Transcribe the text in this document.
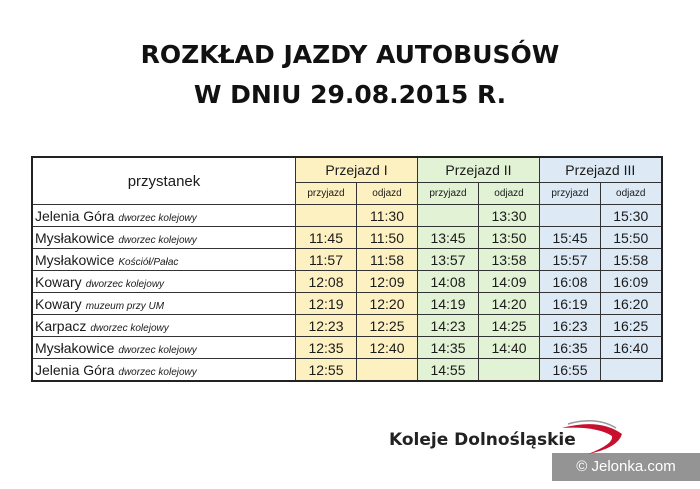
ROZKŁAD JAZDY AUTOBUSÓW
W DNIU 29.08.2015 R.
przystanek	Przejazd I		Przejazd II		Przejazd III	
	przyjazd	odjazd	przyjazd	odjazd	przyjazd	odjazd
Jelenia Góra dworzec kolejowy		11:30		13:30		15:30
Mysłakowice dworzec kolejowy	11:45	11:50	13:45	13:50	15:45	15:50
Mysłakowice Kościół/Pałac	11:57	11:58	13:57	13:58	15:57	15:58
Kowary dworzec kolejowy	12:08	12:09	14:08	14:09	16:08	16:09
Kowary muzeum przy UM	12:19	12:20	14:19	14:20	16:19	16:20
Karpacz dworzec kolejowy	12:23	12:25	14:23	14:25	16:23	16:25
Mysłakowice dworzec kolejowy	12:35	12:40	14:35	14:40	16:35	16:40
Jelenia Góra dworzec kolejowy	12:55		14:55		16:55	
Koleje Dolnośląskie
© Jelonka.com
